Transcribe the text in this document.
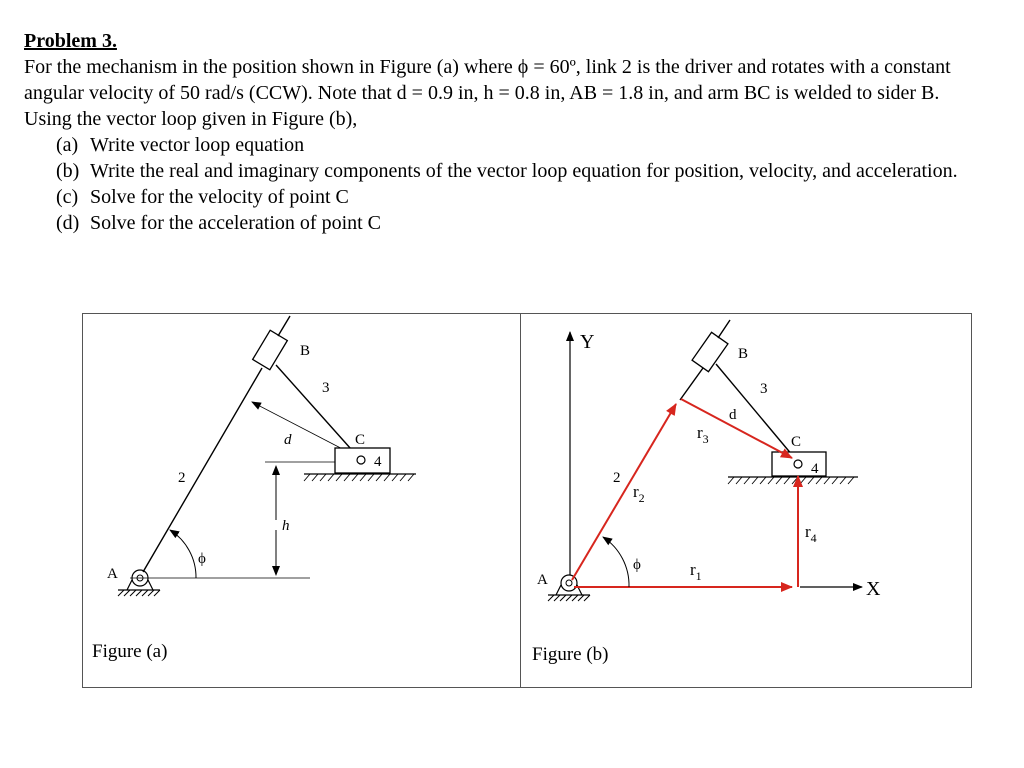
Problem 3.
For the mechanism in the position shown in Figure (a) where ϕ = 60º, link 2 is the driver and rotates with a constant angular velocity of 50 rad/s (CCW). Note that d = 0.9 in, h = 0.8 in, AB = 1.8 in, and arm BC is welded to sider B.
Using the vector loop given in Figure (b),
(a) Write vector loop equation
(b) Write the real and imaginary components of the vector loop equation for position, velocity, and acceleration.
(c) Solve for the velocity of point C
(d) Solve for the acceleration of point C
A
2
B
3
d	C
4
h
ϕ
Figure (a)
Y
X
A
2
B
3
d
C
4
$r_2$
$r_3$
$r_1$
$r_4$
ϕ
Figure (b)
